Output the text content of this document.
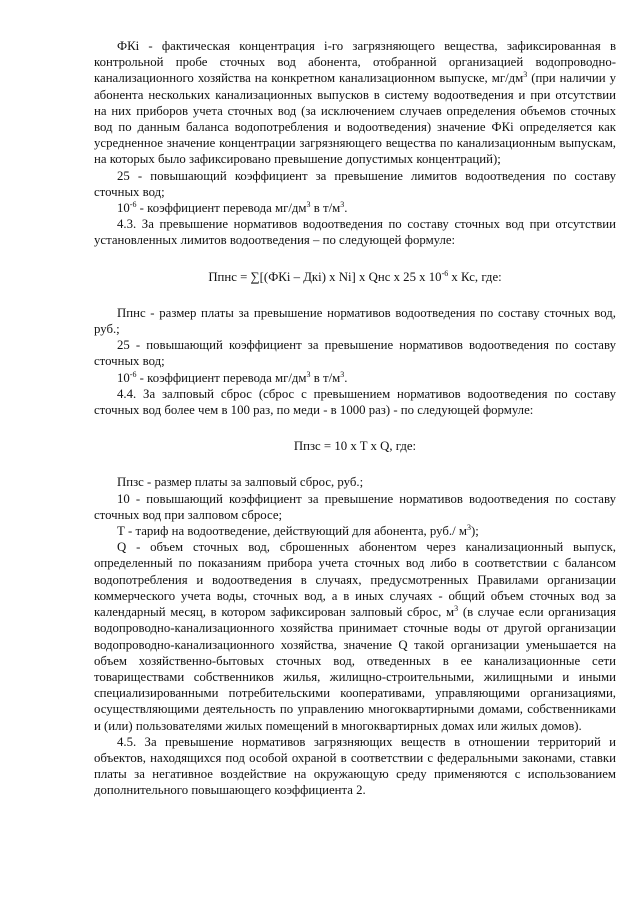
ФКi - фактическая концентрация i-го загрязняющего вещества, зафиксированная в контрольной пробе сточных вод абонента, отобранной организацией водопроводно-канализационного хозяйства на конкретном канализационном выпуске, $мг/дм^3$ (при наличии у абонента нескольких канализационных выпусков в систему водоотведения и при отсутствии на них приборов учета сточных вод (за исключением случаев определения объемов сточных вод по данным баланса водопотребления и водоотведения) значение ФКi определяется как усредненное значение концентрации загрязняющего вещества по канализационным выпускам, на которых было зафиксировано превышение допустимых концентраций);

25 - повышающий коэффициент за превышение лимитов водоотведения по составу сточных вод;

$10^{-6}$ - коэффициент перевода $мг/дм^3$ в $т/м^3$.

4.3. За превышение нормативов водоотведения по составу сточных вод при отсутствии установленных лимитов водоотведения – по следующей формуле:

Ппнс = ∑[(ФКi – Дкi) x Ni] x Qнс x 25 x $10^{-6}$ x Кс, где:

Ппнс - размер платы за превышение нормативов водоотведения по составу сточных вод, руб.;

25 - повышающий коэффициент за превышение нормативов водоотведения по составу сточных вод;

$10^{-6}$ - коэффициент перевода $мг/дм^3$ в $т/м^3$.

4.4. За залповый сброс (сброс с превышением нормативов водоотведения по составу сточных вод более чем в 100 раз, по меди - в 1000 раз) - по следующей формуле:

Ппзс = 10 x T x Q, где:

Ппзс - размер платы за залповый сброс, руб.;

10 - повышающий коэффициент за превышение нормативов водоотведения по составу сточных вод при залповом сбросе;

Т - тариф на водоотведение, действующий для абонента, руб./ $м^3$);

Q - объем сточных вод, сброшенных абонентом через канализационный выпуск, определенный по показаниям прибора учета сточных вод либо в соответствии с балансом водопотребления и водоотведения в случаях, предусмотренных Правилами организации коммерческого учета воды, сточных вод, а в иных случаях - общий объем сточных вод за календарный месяц, в котором зафиксирован залповый сброс, $м^3$ (в случае если организация водопроводно-канализационного хозяйства принимает сточные воды от другой организации водопроводно-канализационного хозяйства, значение Q такой организации уменьшается на объем хозяйственно-бытовых сточных вод, отведенных в ее канализационные сети товариществами собственников жилья, жилищно-строительными, жилищными и иными специализированными потребительскими кооперативами, управляющими организациями, осуществляющими деятельность по управлению многоквартирными домами, собственниками и (или) пользователями жилых помещений в многоквартирных домах или жилых домов).

4.5. За превышение нормативов загрязняющих веществ в отношении территорий и объектов, находящихся под особой охраной в соответствии с федеральными законами, ставки платы за негативное воздействие на окружающую среду применяются с использованием дополнительного повышающего коэффициента 2.
